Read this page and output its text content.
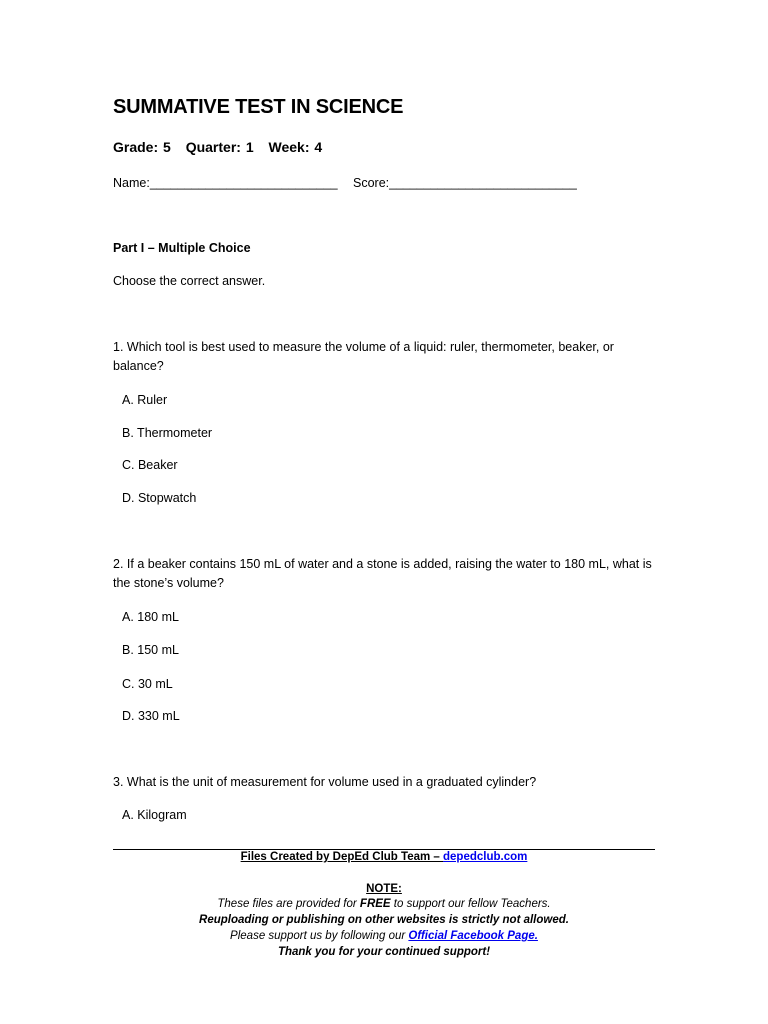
SUMMATIVE TEST IN SCIENCE
Grade: 5 Quarter: 1 Week: 4
Name:___________________________ Score:___________________________
Part I – Multiple Choice
Choose the correct answer.
1. Which tool is best used to measure the volume of a liquid: ruler, thermometer, beaker, or balance?
A. Ruler
B. Thermometer
C. Beaker
D. Stopwatch
2. If a beaker contains 150 mL of water and a stone is added, raising the water to 180 mL, what is the stone’s volume?
A. 180 mL
B. 150 mL
C. 30 mL
D. 330 mL
3. What is the unit of measurement for volume used in a graduated cylinder?
A. Kilogram
Files Created by DepEd Club Team – depedclub.com
NOTE:
These files are provided for FREE to support our fellow Teachers.
Reuploading or publishing on other websites is strictly not allowed.
Please support us by following our Official Facebook Page.
Thank you for your continued support!
